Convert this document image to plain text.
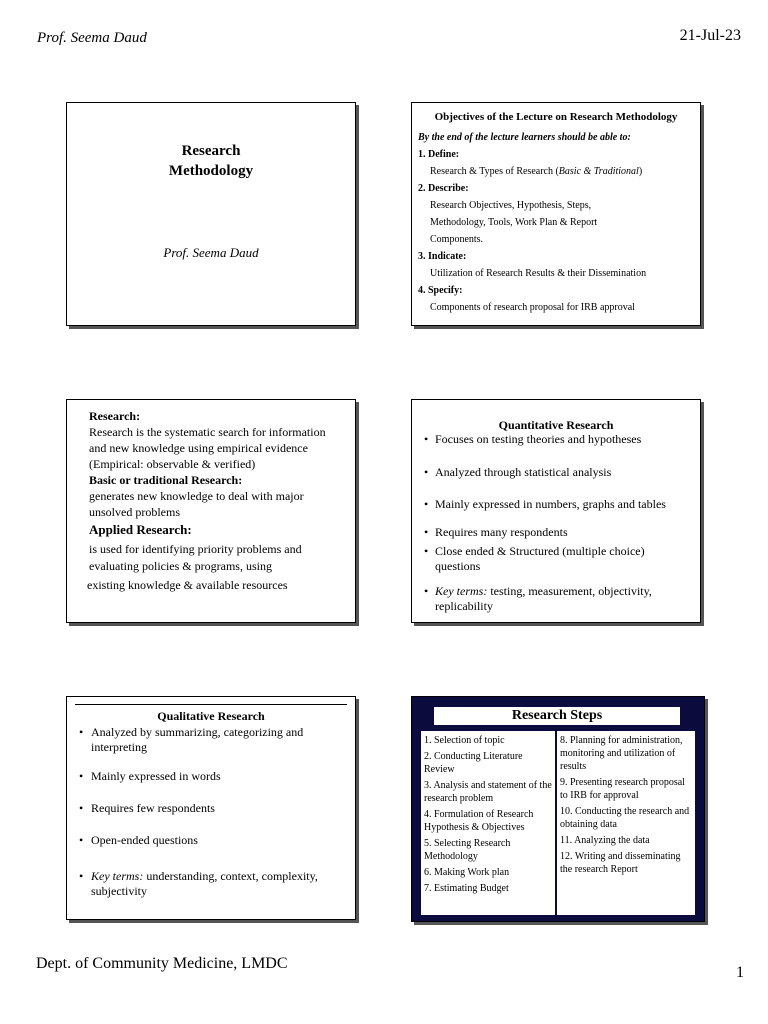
Prof. Seema Daud	21-Jul-23
Research
Methodology
Prof. Seema Daud
Objectives of the Lecture on Research Methodology
By the end of the lecture learners should be able to:
1. Define:
Research & Types of Research (Basic & Traditional)
2. Describe:
Research Objectives, Hypothesis, Steps,
Methodology, Tools, Work Plan & Report
Components.
3. Indicate:
Utilization of Research Results & their Dissemination
4. Specify:
Components of research proposal for IRB approval
Research:
Research is the systematic search for information
and new knowledge using empirical evidence
(Empirical: observable & verified)
Basic or traditional Research:
generates new knowledge to deal with major
unsolved problems
Applied Research:
is used for identifying priority problems and
evaluating policies & programs, using
existing knowledge & available resources
Quantitative Research
• Focuses on testing theories and hypotheses
• Analyzed through statistical analysis
• Mainly expressed in numbers, graphs and tables
• Requires many respondents
• Close ended & Structured (multiple choice) questions
• Key terms: testing, measurement, objectivity, replicability
Qualitative Research
• Analyzed by summarizing, categorizing and interpreting
• Mainly expressed in words
• Requires few respondents
• Open-ended questions
• Key terms: understanding, context, complexity, subjectivity
Research Steps
1. Selection of topic
2. Conducting Literature Review
3. Analysis and statement of the research problem
4. Formulation of Research Hypothesis & Objectives
5. Selecting Research Methodology
6. Making Work plan
7. Estimating Budget
8. Planning for administration, monitoring and utilization of results
9. Presenting research proposal to IRB for approval
10. Conducting the research and obtaining data
11. Analyzing the data
12. Writing and disseminating the research Report
Dept. of Community Medicine, LMDC
1
